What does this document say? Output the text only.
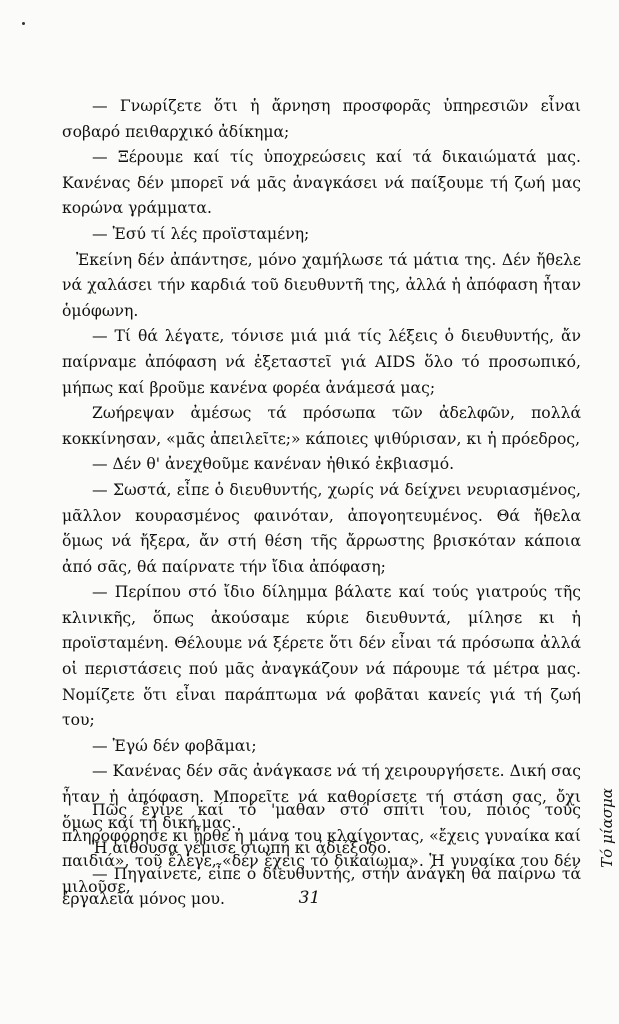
— Γνωρίζετε ὅτι ἡ ἄρνηση προσφορᾶς ὑπηρεσιῶν εἶναι σοβαρό πειθαρχικό ἀδίκημα;

— Ξέρουμε καί τίς ὑποχρεώσεις καί τά δικαιώματά μας. Κανένας δέν μπορεῖ νά μᾶς ἀναγκάσει νά παίξουμε τή ζωή μας κορώνα γράμματα.

— Ἐσύ τί λές προϊσταμένη;

Ἐκείνη δέν ἀπάντησε, μόνο χαμήλωσε τά μάτια της. Δέν ἤθελε νά χαλάσει τήν καρδιά τοῦ διευθυντῆ της, ἀλλά ἡ ἀπόφαση ἦταν ὁμόφωνη.

— Τί θά λέγατε, τόνισε μιά μιά τίς λέξεις ὁ διευθυντής, ἄν παίρναμε ἀπόφαση νά ἐξεταστεῖ γιά AIDS ὅλο τό προσωπικό, μήπως καί βροῦμε κανένα φορέα ἀνάμεσά μας;

Ζωήρεψαν ἀμέσως τά πρόσωπα τῶν ἀδελφῶν, πολλά κοκκίνησαν, «μᾶς ἀπειλεῖτε;» κάποιες ψιθύρισαν, κι ἡ πρόεδρος,

— Δέν θ' ἀνεχθοῦμε κανέναν ἠθικό ἐκβιασμό.

— Σωστά, εἶπε ὁ διευθυντής, χωρίς νά δείχνει νευριασμένος, μᾶλλον κουρασμένος φαινόταν, ἀπογοητευμένος. Θά ἤθελα ὅμως νά ἤξερα, ἄν στή θέση τῆς ἄρρωστης βρισκόταν κάποια ἀπό σᾶς, θά παίρνατε τήν ἴδια ἀπόφαση;

— Περίπου στό ἴδιο δίλημμα βάλατε καί τούς γιατρούς τῆς κλινικῆς, ὅπως ἀκούσαμε κύριε διευθυντά, μίλησε κι ἡ προϊσταμένη. Θέλουμε νά ξέρετε ὅτι δέν εἶναι τά πρόσωπα ἀλλά οἱ περιστάσεις πού μᾶς ἀναγκάζουν νά πάρουμε τά μέτρα μας. Νομίζετε ὅτι εἶναι παράπτωμα νά φοβᾶται κανείς γιά τή ζωή του;

— Ἐγώ δέν φοβᾶμαι;

— Κανένας δέν σᾶς ἀνάγκασε νά τή χειρουργήσετε. Δική σας ἦταν ἡ ἀπόφαση. Μπορεῖτε νά καθορίσετε τή στάση σας, ὄχι ὅμως καί τή δική μας.

Ἡ αἴθουσα γέμισε σιωπή κι ἀδιέξοδο.

— Πηγαίνετε, εἶπε ὁ διευθυντής, στήν ἀνάγκη θά παίρνω τά ἐργαλεῖα μόνος μου.

Πῶς ἔγινε καί τό 'μαθαν στό σπίτι του, ποιός τούς πληροφόρησε κι ἦρθε ἡ μάνα του κλαίγοντας, «ἔχεις γυναίκα καί παιδιά», τοῦ ἔλεγε, «δέν ἔχεις τό δικαίωμα». Ἡ γυναίκα του δέν μιλοῦσε,

31
Τό μίασμα
